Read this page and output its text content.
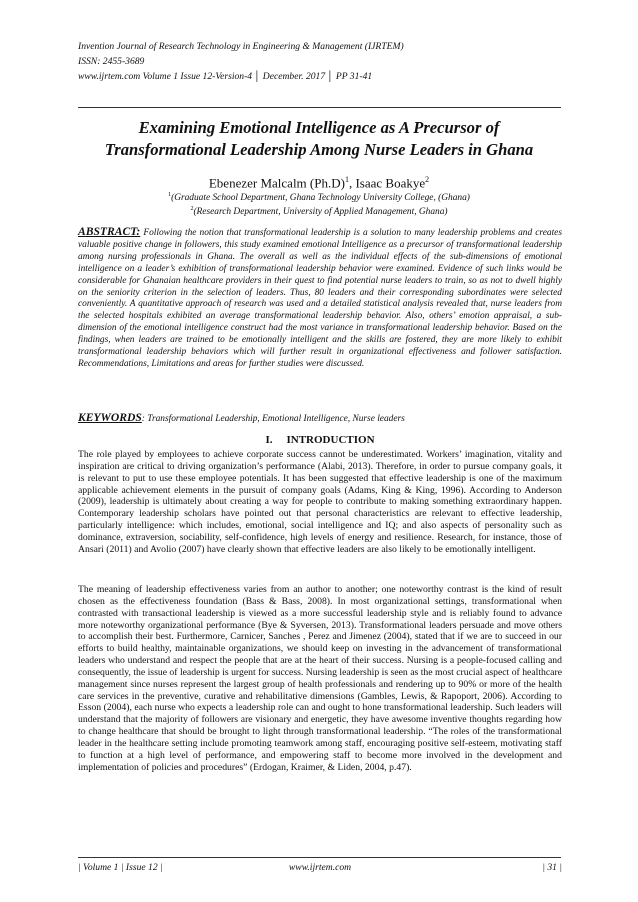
Invention Journal of Research Technology in Engineering & Management (IJRTEM)
ISSN: 2455-3689
www.ijrtem.com Volume 1 Issue 12-Version-4 │ December. 2017 │ PP 31-41
Examining Emotional Intelligence as A Precursor of
Transformational Leadership Among Nurse Leaders in Ghana
Ebenezer Malcalm $(Ph.D)^1$, Isaac Boakye$^2$
$^1$(Graduate School Department, Ghana Technology University College, (Ghana)
$^2$(Research Department, University of Applied Management, Ghana)
ABSTRACT: Following the notion that transformational leadership is a solution to many leadership problems and creates valuable positive change in followers, this study examined emotional Intelligence as a precursor of transformational leadership among nursing professionals in Ghana. The overall as well as the individual effects of the sub-dimensions of emotional intelligence on a leader’s exhibition of transformational leadership behavior were examined. Evidence of such links would be considerable for Ghanaian healthcare providers in their quest to find potential nurse leaders to train, so as not to dwell highly on the seniority criterion in the selection of leaders. Thus, 80 leaders and their corresponding subordinates were selected conveniently. A quantitative approach of research was used and a detailed statistical analysis revealed that, nurse leaders from the selected hospitals exhibited an average transformational leadership behavior. Also, others’ emotion appraisal, a sub-dimension of the emotional intelligence construct had the most variance in transformational leadership behavior. Based on the findings, when leaders are trained to be emotionally intelligent and the skills are fostered, they are more likely to exhibit transformational leadership behaviors which will further result in organizational effectiveness and follower satisfaction. Recommendations, Limitations and areas for further studies were discussed.
KEYWORDS: Transformational Leadership, Emotional Intelligence, Nurse leaders
I. INTRODUCTION
The role played by employees to achieve corporate success cannot be underestimated. Workers’ imagination, vitality and inspiration are critical to driving organization’s performance (Alabi, 2013). Therefore, in order to pursue company goals, it is relevant to put to use these employee potentials. It has been suggested that effective leadership is one of the maximum applicable achievement elements in the pursuit of company goals (Adams, King & King, 1996). According to Anderson (2009), leadership is ultimately about creating a way for people to contribute to making something extraordinary happen. Contemporary leadership scholars have pointed out that personal characteristics are relevant to effective leadership, particularly intelligence: which includes, emotional, social intelligence and IQ; and also aspects of personality such as dominance, extraversion, sociability, self-confidence, high levels of energy and resilience. Research, for instance, those of Ansari (2011) and Avolio (2007) have clearly shown that effective leaders are also likely to be emotionally intelligent.
The meaning of leadership effectiveness varies from an author to another; one noteworthy contrast is the kind of result chosen as the effectiveness foundation (Bass & Bass, 2008). In most organizational settings, transformational when contrasted with transactional leadership is viewed as a more successful leadership style and is reliably found to advance more noteworthy organizational performance (Bye & Syversen, 2013). Transformational leaders persuade and move others to accomplish their best. Furthermore, Carnicer, Sanches , Perez and Jimenez (2004), stated that if we are to succeed in our efforts to build healthy, maintainable organizations, we should keep on investing in the advancement of transformational leaders who understand and respect the people that are at the heart of their success. Nursing is a people-focused calling and consequently, the issue of leadership is urgent for success. Nursing leadership is seen as the most crucial aspect of healthcare management since nurses represent the largest group of health professionals and rendering up to 90% or more of the health care services in the preventive, curative and rehabilitative dimensions (Gambles, Lewis, & Rapoport, 2006). According to Esson (2004), each nurse who expects a leadership role can and ought to hone transformational leadership. Such leaders will understand that the majority of followers are visionary and energetic, they have awesome inventive thoughts regarding how to change healthcare that should be brought to light through transformational leadership. “The roles of the transformational leader in the healthcare setting include promoting teamwork among staff, encouraging positive self-esteem, motivating staff to function at a high level of performance, and empowering staff to become more involved in the development and implementation of policies and procedures” (Erdogan, Kraimer, & Liden, 2004, p.47).
| Volume 1 | Issue 12 |	www.ijrtem.com	| 31 |
